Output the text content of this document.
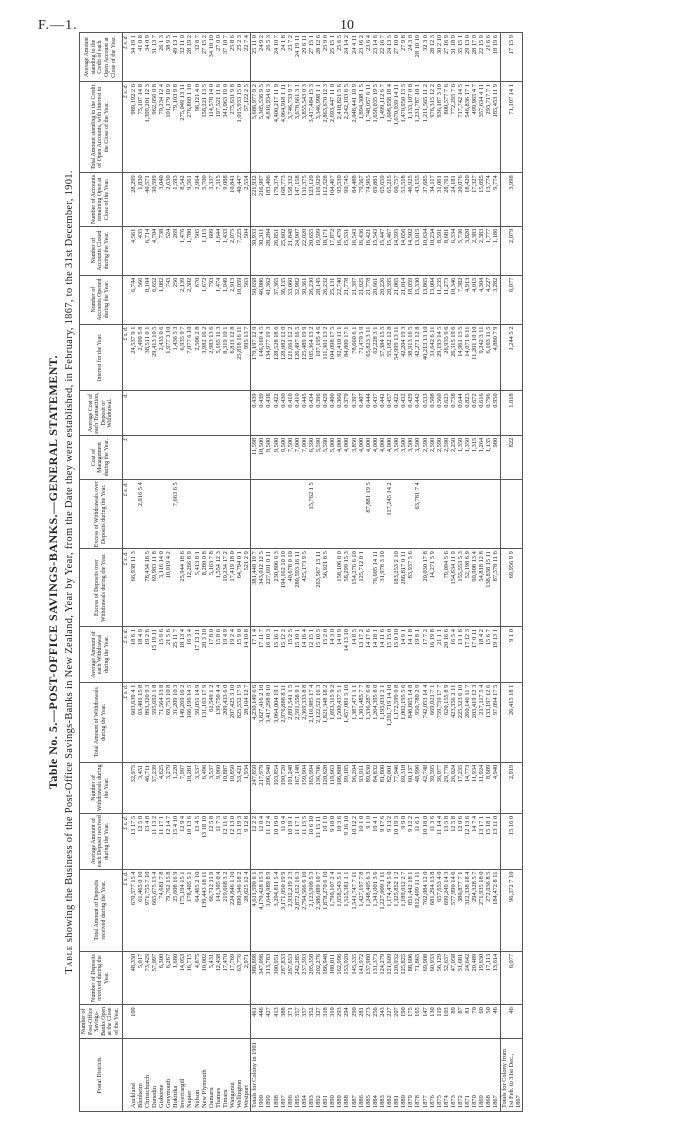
F.—1.	10
Table No. 5.—POST-OFFICE SAVINGS-BANKS.—GENERAL STATEMENT.
Table showing the Business of the Post-Office Savings-Banks in New Zealand, Year by Year, from the Date they were established, in February, 1867, to the 31st December, 1901.
Postal Districts.	Number of Post-Office Savings-Banks Open at the Close of the Year.	Number of Deposits received during the Year.	Total Amount of Deposits received during the Year.	Average Amount of each Deposit received during the Year.	Number of Withdrawals during the Year.	Total Amount of Withdrawals during the Year.	Average Amount of each Withdrawal during the Year.	Excess of Deposits over Withdrawals during the Year.	Excess of Withdrawals over Deposits during the Year.	Cost of Management during the Year.	Average Cost of each Transaction, Deposit or Withdrawal.	Interest for the Year.	Number of Accounts Opened during the Year.	Number of Accounts Closed during the Year.	Number of Accounts remaining Open at Close of the Year.	Total Amount standing to the Credit of Open Accounts, with Interest to the Close of the Year.	Average Amount standing to the Credit of each Open Account at Close of the Year.
			£ s. d.	£ s. d.		£ s. d.	£ s. d.	£ s. d.	£ s. d.	£	d.	£ s. d.				£ s. d.	£ s. d.
Auckland	109	48,330	670,577 15 4	13 17 5	32,975	603,639 4 1	18 6 1	66,938 11 3				24,537 9 1	6,744	4,561	28,299	989,192 2 6	34 19 1
Blenheim		5,017	61,465 0 10	12 5 0	3,451	63,481 15 8	18 4 9		2,016 5 4			2,499 5 8	566	435	1,830	75,107 14 8	41 0 8
Christchurch		73,429	971,755 7 10	13 4 8	46,711	893,320 9 3	19 2 6	78,434 18 5				38,511 0 1	8,104	6,714	40,571	1,399,201 12 3	34 0 9
Dunedin		57,097	665,675 13 4	11 13 2	37,239	595,692 1 8	15 19 11	69,983 11 8				29,413 10 5	6,652	4,704	30,599	962,056 0 8	31 13 7
Gisborne		6,300	74,681 7 8	11 17 1	4,625	71,564 13 8	15 9 6	3,116 14 0				2,433 0 6	1,082	738	3,040	79,234 12 4	26 1 3
Greymouth		6,267	79,762 15 8	12 14 7	3,279	69,753 10 8	21 5 6	10,019 4 2				1,977 3 10	743	524	2,630	101,179 10 9	38 9 5
Hokitika		1,680	25,608 16 9	15 4 10	1,220	31,209 10 3	25 11 7		7,663 6 5			1,436 5 3	256	269	1,593	79,103 9 8	49 13 1
Invercargill		14,053	175,194 15 1	12 9 4	7,997	149,269 16 2	18 13 4	25,944 18 6				6,935 9 7	2,139	1,476	8,542	275,049 13 11	32 11 0
Napier		16,715	178,405 5 1	10 13 6	10,281	166,196 14 5	16 3 4	12,266 8 9				7,077 6 10	2,302	1,780	9,561	276,860 1 10	28 19 2
Nelson		4,875	64,465 2 10	13 4 5	3,337	59,051 14 9	17 13 11	5,413 8 1				2,506 2 8	670	505	2,964	96,121 4 0	32 8 7
New Plymouth		10,002	139,443 18 11	13 18 10	6,496	131,163 17 9	20 3 10	8,280 0 8				3,982 16 2	1,672	1,115	5,700	158,221 13 5	27 15 2
Oamaru		5,431	66,712 11 9	12 5 8	3,537	61,549 1 2	17 8 0	5,163 7 8				2,983 13 6	793	609	3,337	114,578 14 0	34 10 10
Thames		12,438	141,305 0 4	11 7 3	9,060	139,750 4 4	15 8 6	1,554 12 3				5,165 11 3	1,474	1,644	7,315	197,521 11 6	27 0 0
Timaru		17,470	219,668 3 2	12 11 6	10,887	209,433 6 0	19 4 9	10,234 17 2				8,319 10 1	1,949	1,433	9,088	341,063 19 0	37 10 7
Wanganui		17,769	224,846 1 10	12 13 0	10,850	207,425 3 10	19 2 4	17,419 18 0				6,811 12 8	2,913	2,075	10,841	275,631 9 8	25 8 6
Wellington		63,776	890,346 18 2	13 19 3	53,421	825,552 17 9	15 9 0	64,794 0 1				25,818 16 11	10,059	7,225	40,447	1,015,933 15 0	25 2 3
Westport		2,971	28,625 12 4	9 12 8	1,934	28,104 12 7	14 10 8	521 2 9				995 13 7	563	504	2,554	57,122 2 5	22 7 4
Totals for Colony in 1901	461	380,898	4,611,590 6 1	12 2 2	247,850	4,230,149 6 6	17 1 4	381,440 19 7		11,598	0.439	170,197 12 0	50,658	30,933	221,932	5,686,977 9 2	25 11 0
1900	446	347,096	4,170,428 15 3	12 0 4	217,979	3,827,416 2 10	17 11 7	343,012 12 5		10,500	0.439	146,169 4 5	46,086	30,311	216,907	5,305,536 9 5	24 9 2
1899	427	313,783	3,644,989 8 9	11 12 4	206,940	3,417,298 8 10	16 10 3	227,691 0 11		9,500	0.438	134,977 19 3	41,362	28,284	183,406	4,816,934 6 3	26 5 3
1898	413	300,951	3,294,811 5 4	10 19 0	193,854	3,064,004 19 1	15 16 1	230,806 6 3		9,500	0.422	128,528 18 6	37,365	26,851	179,374	4,400,217 11 9	24 10 7
1897	388	287,833	3,171,050 19 9	11 0 4	190,720	2,976,888 8 11	15 12 2	194,162 10 10		9,500	0.430	128,082 12 0	36,135	25,602	168,773	4,064,918 1 11	24 1 8
1896	371	267,653	2,932,219 2 3	10 19 1	191,248	2,891,541 1 5	15 2 5	40,678 0 10		7,500	0.410	121,661 12 2	33,060	21,848	158,332	3,746,733 9 7	23 7 2
1895	357	242,285	2,872,152 16 3	11 17 1	167,148	2,591,558 9 1	15 10 1	280,593 16 11		7,000	0.410	126,497 16 5	32,982	24,907	147,158	3,678,661 3 1	24 19 11
1894	357	237,393	2,794,566 6 10	11 15 5	159,904	2,369,333 8 8	14 16 4	425,173 9 5		7,000	0.445	125,489 19 9	30,361	22,020	131,375	3,855,543 0 3	29 6 11
1893	352	205,358	2,123,909 5 3	10 6 10	165,994	2,116,985 17 4	12 15 1		15,762 1 5	6,590	0.434	105,364 13 2	26,230	20,655	123,120	3,417,484 15 3	27 15 1
1892	327	202,276	2,386,089 10 7	11 15 11	136,706	2,122,521 16 3	15 10 5	263,567 13 11		5,590	0.396	107,195 4 6	28,145	19,599	116,929	3,346,998 1 1	28 12 6
1891	318	186,948	1,878,270 6 10	10 1 0	120,628	1,821,348 18 2	15 2 0	56,921 8 5		5,590	0.429	111,301 13 2	26,232	18,171	112,528	2,863,670 12 3	25 9 0
1890	310	180,811	1,790,107 2 4	9 18 0	119,663	1,693,315 9 2	14 3 0			5,000	0.400	104,098 17 5	25,131	17,872	104,467	2,693,447 11 0	25 15 1
1889	293	162,996	1,658,543 5 1	10 3 6	106,888	1,500,437 5 1	14 0 9	158,106 0 0		4,000	0.360	92,410 11 1	22,740	16,479	95,530	2,418,821 5 6	25 6 5
1888	294	153,920	1,515,381 1 1	9 16 10	99,185	1,457,081 5 10	14 13 10	58,299 15 3		4,000	0.379	84,809 17 1	21,778	15,531	90,745	2,242,103 6 5	24 14 2
1887	290	145,335	1,541,747 7 11	10 12 2	96,204	1,387,471 1 1	14 8 5	154,276 6 10		3,850	0.397	78,660 6 1	21,397	16,543	84,488	2,048,441 10 9	24 4 11
1886	281	141,972	1,427,197 7 8	10 1 0	93,911	1,301,485 7 7	13 17 2	125,712 0 1		4,000	0.407	71,470 3 9	21,025	16,436	79,567	1,894,308 1 5	23 16 2
1885	273	137,980	1,248,405 6 3	9 1 0	89,830	1,336,287 6 8	14 17 6		87,881 19 5	4,000	0.444	65,823 3 11	21,778	16,421	74,965	1,748,057 6 11	23 6 4
1884	256	131,373	1,341,001 3 6	10 4 1	84,832	1,264,395 8 0	14 18 1	76,605 14 11		4,000	0.437	62,228 3 1	20,661	15,543	69,881	1,658,035 19 5	23 14 6
1883	243	124,279	1,227,009 1 11	9 17 6	81,800	1,195,031 2 1	14 11 6	31,978 3 10		4,000	0.442	57,384 15 5	20,226	15,447	65,659	1,499,112 6 7	22 16 7
1882	227	121,609	1,174,474 5 0	9 13 2	82,001	1,291,719 14 10	15 15 0		117,245 14 2	4,000	0.457	55,182 12 8	20,395	15,467	65,215	1,608,958 18 4	24 13 5
1881	207	120,932	1,325,852 1 2	10 19 3	77,946	1,172,599 9 8	15 0 10	183,253 2 10		3,500	0.422	54,999 13 11	21,065	14,595	60,757	1,670,939 14 11	27 10 0
1880	190	125,825	1,189,012 2 7	9 9 0	69,318	1,002,195 5 6	14 9 1	286,817 0 11		3,500	0.432	42,204 19 3	21,014	14,656	53,518	1,470,950 13 5	27 9 8
1879	175	88,606	851,442 18 1	9 12 2	60,137	846,865 14 8	14 1 8	83,937 5 6		3,500	0.429	38,913 16 5	18,059	14,502	46,925	1,133,107 0 0	24 3 0
1878	165	71,865	812,499 11 11	11 6 1	48,996	950,780 2 9	19 8 1		63,781 7 4	3,500	0.442	42,271 12 8	15,330	13,015	43,155	1,231,787 10 1	28 10 10
1877	147	69,908	762,084 12 0	10 18 0	42,748	742,053 14 4	17 7 2	20,030 17 8		2,590	0.533	40,213 13 10	13,865	10,634	37,685	1,211,565 11 2	32 3 0
1876	130	60,933	681,294 13 8	11 3 6	39,395	669,021 7 1	16 19 8	14,271 5 9		2,590	0.508	31,642 6 11	13,004	10,234	34,117	976,315 12 2	28 12 3
1875	119	56,129	657,653 4 0	11 14 4	36,077	759,759 17 7	21 1 1			2,590	0.560	29,193 14 5	11,235	8,591	31,061	936,187 3 10	30 2 10
1874	103	52,637	699,249 14 3	13 5 8	29,778	620,155 8 9	20 16 6	79,094 5 6		2,590	0.623	26,935 9 6	11,273	8,681	28,761	800,577 7 6	27 16 9
1873	89	47,058	577,990 14 6	12 5 8	26,024	423,356 2 11	16 5 4	154,634 11 9		2,250	0.738	26,315 19 6	10,346	6,334	24,181	772,295 7 6	31 18 9
1872	87	31,681	380,877 7 1	12 0 6	17,235	225,323 6 10	13 1 6	155,553 5 3		1,350	0.644	14,961 13 5	7,382	5,736	20,076	717,742 14 5	35 15 1
1871	81	24,642	312,338 18 4	12 13 6	14,773	260,140 11 7	17 12 3	52,198 6 9		1,350	0.823	14,071 6 11	4,913	3,820	18,420	546,836 17 1	29 13 0
1870	70	20,489	294,328 5 7	14 7 4	11,934	203,419 12 3	17 0 11	90,908 13 4		1,315	0.672	11,201 10 10	4,015	2,383	17,327	499,965 4 7	28 17 0
1869	60	19,630	271,935 18 0	13 17 1	11,924	217,117 5 4	18 4 2	54,818 12 8		1,264	0.616	9,242 3 11	4,304	2,383	15,695	357,634 4 11	22 15 9
1868	50	17,113	272,036 8 5	15 18 1	8,689	133,197 12 6	15 6 7	138,838 15 11		1,135	0.796	6,103 11 5	4,227	1,777	13,774	293,717 7 1	21 6 6
1867	46	13,614	184,472 8 11	13 11 0	4,940	97,094 17 5	19 13 1	87,378 11 6		980	0.950	4,880 7 9	3,282	1,186	9,774	185,453 11 9	18 19 6
Totals for Colony from 1st Feb. to 31st Dec., 1867	46	6,077	96,372 7 10	15 16 0	2,919	26,415 18 1	9 1 0	69,956 9 9		822	1.018	1,244 5 2	6,077	2,079	3,998	71,107 14 1	17 15 9
